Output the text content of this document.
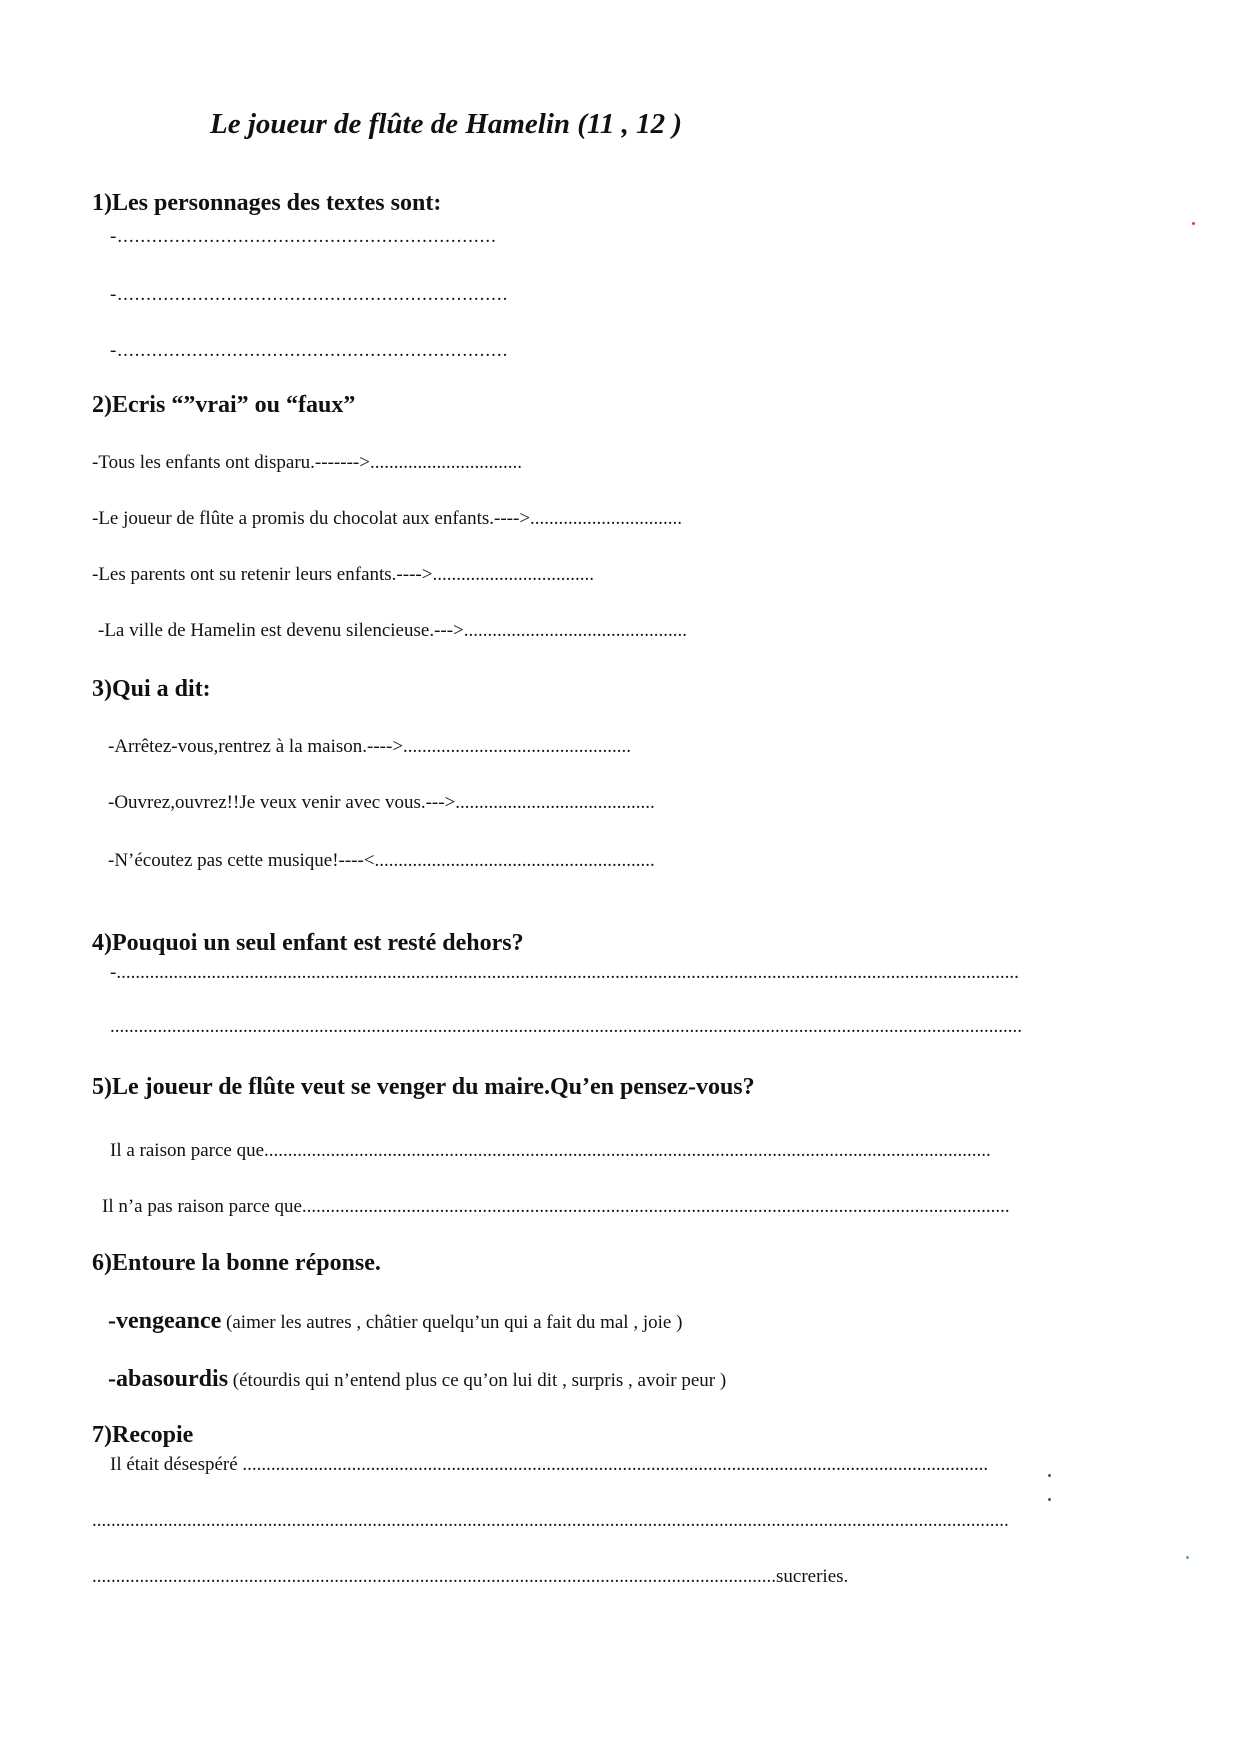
Le joueur de flûte de Hamelin (11 , 12 )
1)Les personnages des textes sont:
-..................................................................
-....................................................................
-....................................................................
2)Ecris “”vrai” ou “faux”
-Tous les enfants ont disparu.------->................................
-Le joueur de flûte a promis du chocolat aux enfants.---->................................
-Les parents ont su retenir leurs enfants.---->..................................
-La ville de Hamelin est devenu silencieuse.--->...............................................
3)Qui a dit:
-Arrêtez-vous,rentrez à la maison.---->................................................
-Ouvrez,ouvrez!!Je veux venir avec vous.--->..........................................
-N’écoutez pas cette musique!----<...........................................................
4)Pouquoi un seul enfant est resté dehors?
-..............................................................................................................................................................................................
................................................................................................................................................................................................
5)Le joueur de flûte veut se venger du maire.Qu’en pensez-vous?
Il a raison parce que.........................................................................................................................................................
Il n’a pas raison parce que.....................................................................................................................................................
6)Entoure la bonne réponse.
-vengeance (aimer les autres , châtier quelqu’un qui a fait du mal , joie )
-abasourdis (étourdis qui n’entend plus ce qu’on lui dit , surpris , avoir peur )
7)Recopie
Il était désespéré .............................................................................................................................................................
.................................................................................................................................................................................................
................................................................................................................................................sucreries.
